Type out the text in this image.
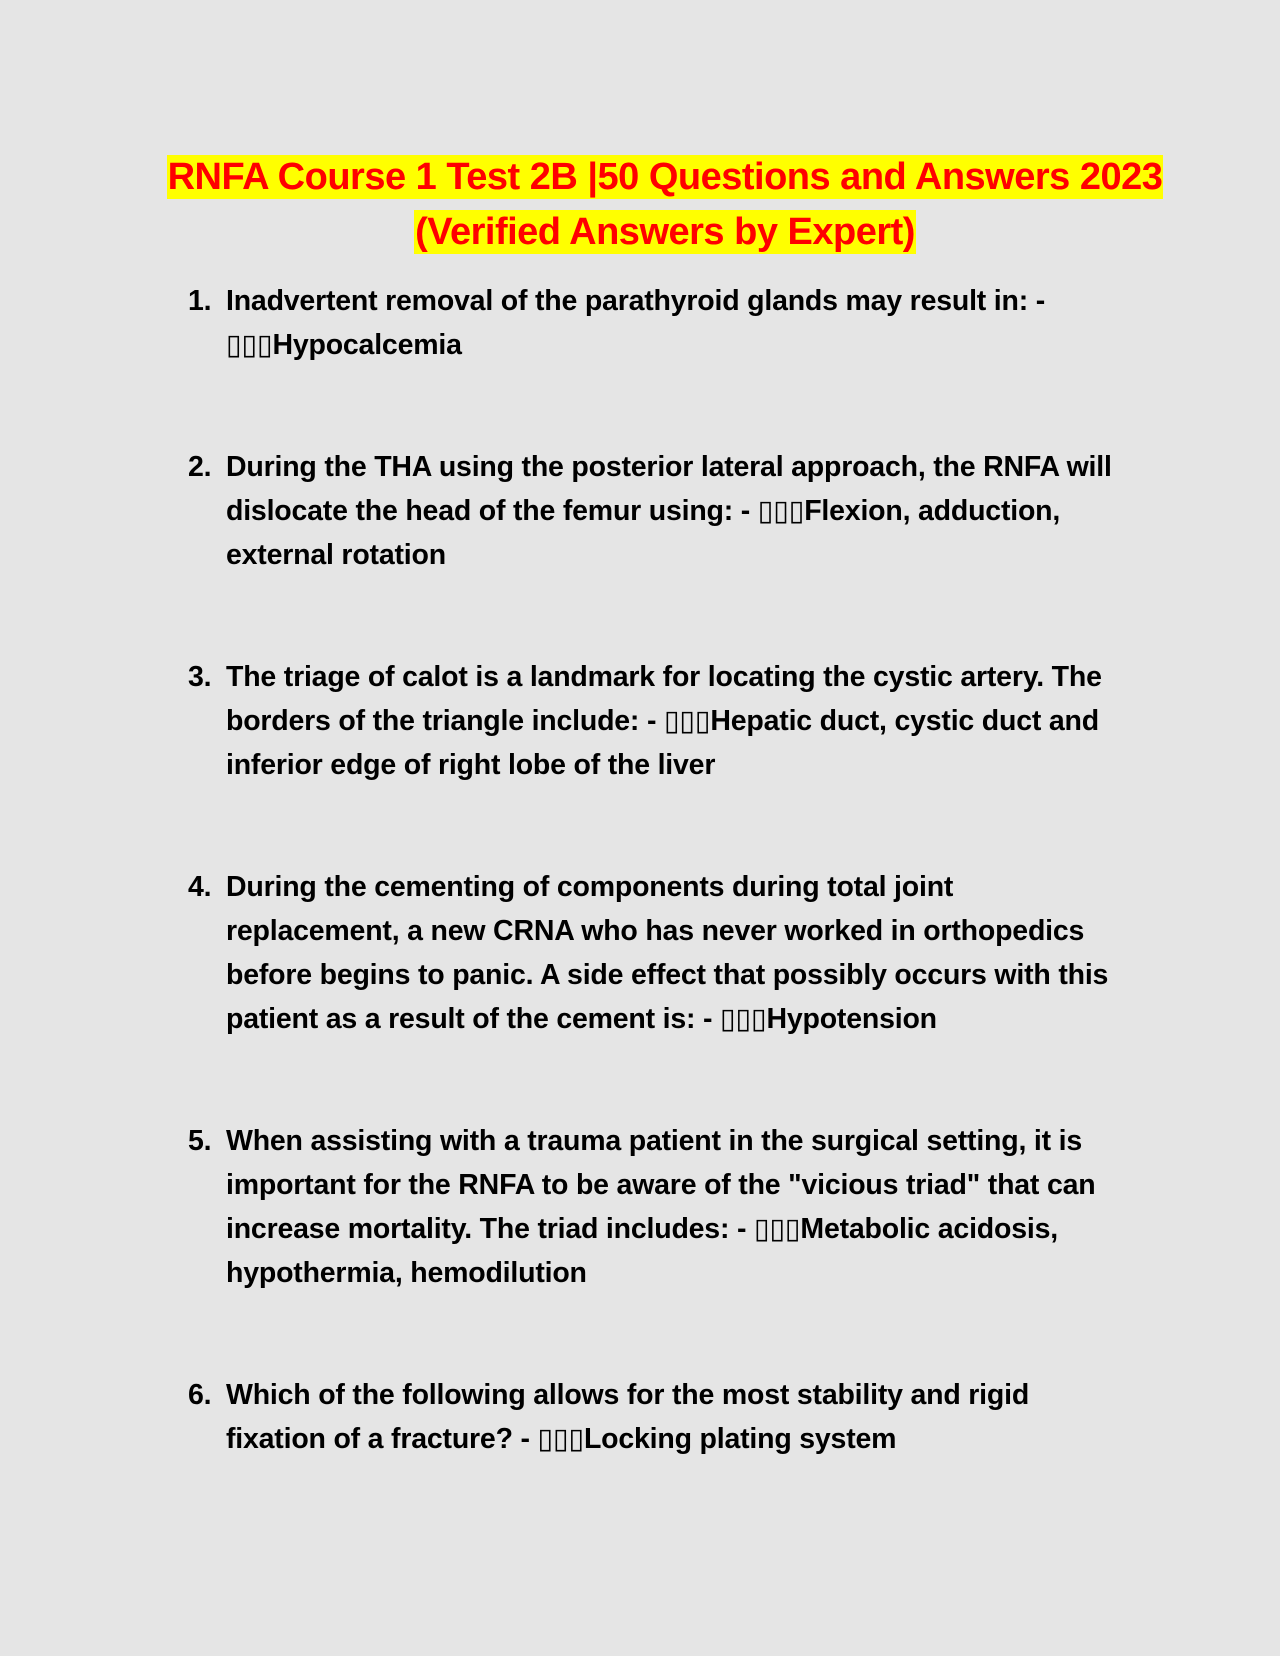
RNFA Course 1 Test 2B |50 Questions and Answers 2023
(Verified Answers by Expert)
1. Inadvertent removal of the parathyroid glands may result in: - ▯▯▯Hypocalcemia
2. During the THA using the posterior lateral approach, the RNFA will dislocate the head of the femur using: - ▯▯▯Flexion, adduction, external rotation
3. The triage of calot is a landmark for locating the cystic artery. The borders of the triangle include: - ▯▯▯Hepatic duct, cystic duct and inferior edge of right lobe of the liver
4. During the cementing of components during total joint replacement, a new CRNA who has never worked in orthopedics before begins to panic. A side effect that possibly occurs with this patient as a result of the cement is: - ▯▯▯Hypotension
5. When assisting with a trauma patient in the surgical setting, it is important for the RNFA to be aware of the "vicious triad" that can increase mortality. The triad includes: - ▯▯▯Metabolic acidosis, hypothermia, hemodilution
6. Which of the following allows for the most stability and rigid fixation of a fracture? - ▯▯▯Locking plating system
